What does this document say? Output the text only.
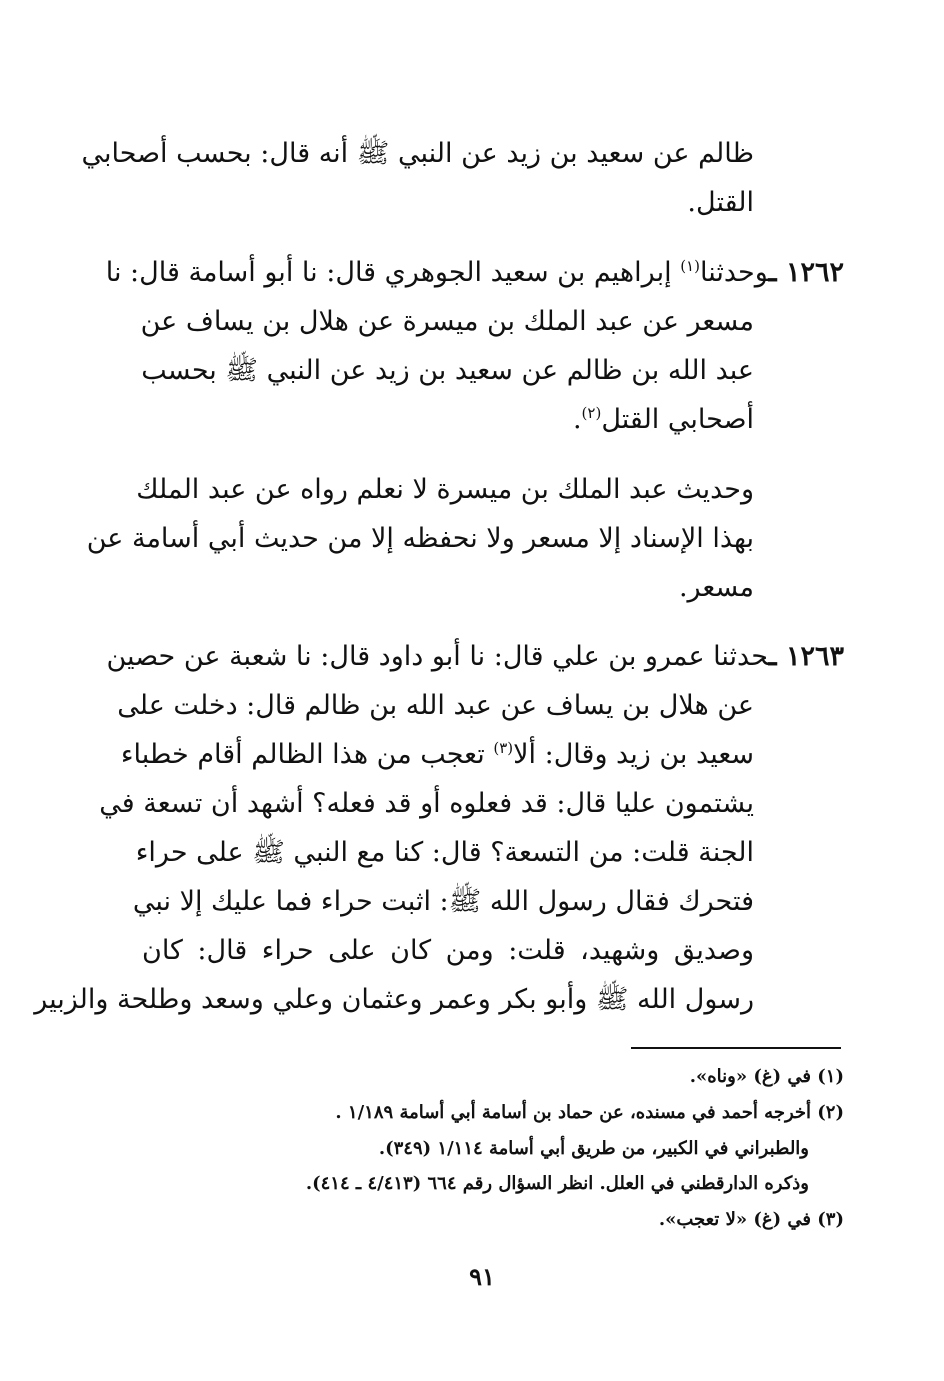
ظالم عن سعيد بن زيد عن النبي ﷺ أنه قال: بحسب أصحابي
القتل.
١٢٦٢ ـوحدثنا$^{(١)}$ إبراهيم بن سعيد الجوهري قال: نا أبو أسامة قال: نا
مسعر عن عبد الملك بن ميسرة عن هلال بن يساف عن
عبد الله بن ظالم عن سعيد بن زيد عن النبي ﷺ بحسب
أصحابي القتل$^{(٢)}$.
وحديث عبد الملك بن ميسرة لا نعلم رواه عن عبد الملك
بهذا الإسناد إلا مسعر ولا نحفظه إلا من حديث أبي أسامة عن
مسعر.
١٢٦٣ ـحدثنا عمرو بن علي قال: نا أبو داود قال: نا شعبة عن حصين
عن هلال بن يساف عن عبد الله بن ظالم قال: دخلت على
سعيد بن زيد وقال: ألا$^{(٣)}$ تعجب من هذا الظالم أقام خطباء
يشتمون عليا قال: قد فعلوه أو قد فعله؟ أشهد أن تسعة في
الجنة قلت: من التسعة؟ قال: كنا مع النبي ﷺ على حراء
فتحرك فقال رسول الله ﷺ: اثبت حراء فما عليك إلا نبي
وصديق وشهيد، قلت: ومن كان على حراء قال: كان
رسول الله ﷺ وأبو بكر وعمر وعثمان وعلي وسعد وطلحة والزبير
(١) في (غ) «وناه».
(٢) أخرجه أحمد في مسنده، عن حماد بن أسامة أبي أسامة ١/١٨٩ .
والطبراني في الكبير، من طريق أبي أسامة ١/١١٤ (٣٤٩).
وذكره الدارقطني في العلل. انظر السؤال رقم ٦٦٤ (٤/٤١٣ ـ ٤١٤).
(٣) في (غ) «لا تعجب».
٩١
